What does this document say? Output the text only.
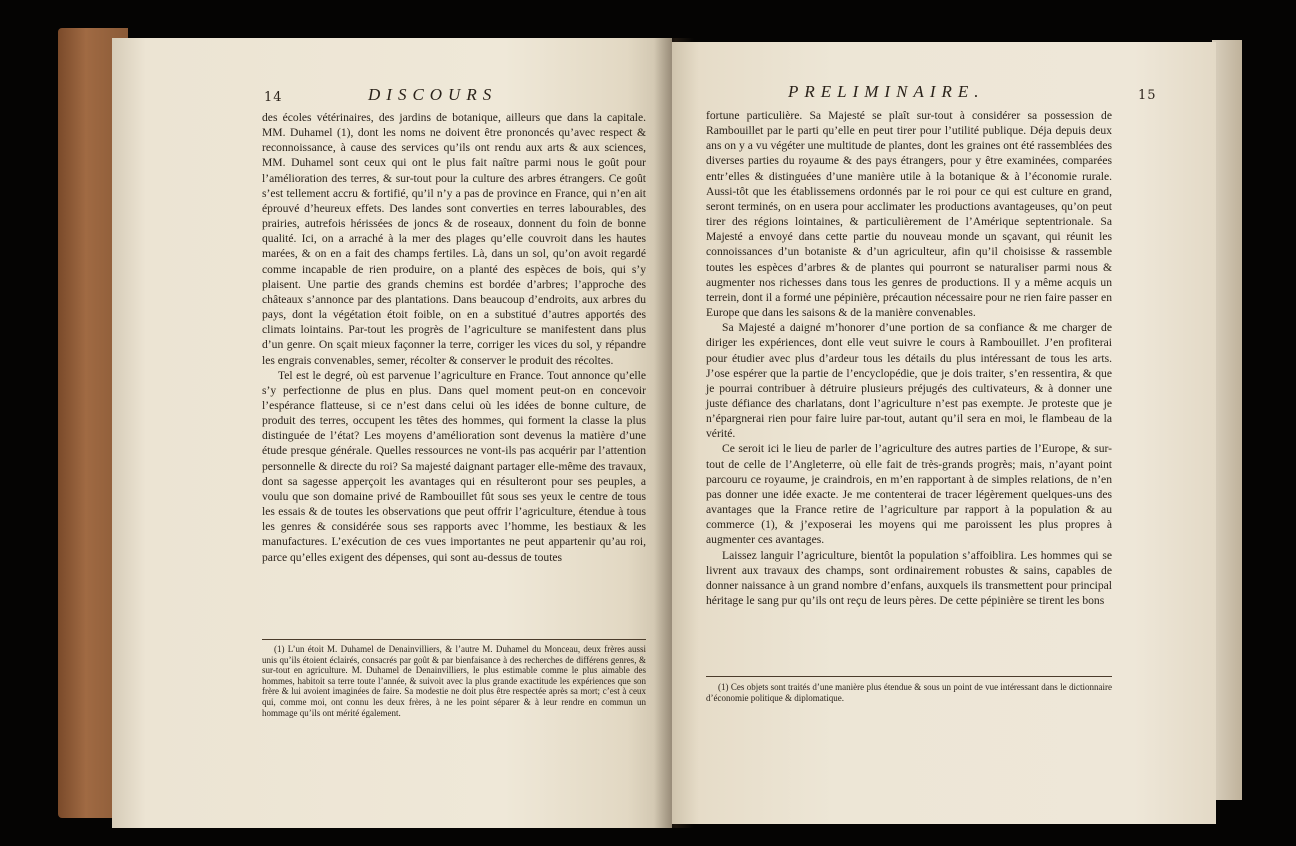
14	DISCOURS

des écoles vétérinaires, des jardins de botanique, ailleurs que dans la capitale. MM. Duhamel (1), dont les noms ne doivent être prononcés qu’avec respect & reconnoissance, à cause des services qu’ils ont rendu aux arts & aux sciences, MM. Duhamel sont ceux qui ont le plus fait naître parmi nous le goût pour l’amélioration des terres, & sur-tout pour la culture des arbres étrangers. Ce goût s’est tellement accru & fortifié, qu’il n’y a pas de province en France, qui n’en ait éprouvé d’heureux effets. Des landes sont converties en terres labourables, des prairies, autrefois hérissées de joncs & de roseaux, donnent du foin de bonne qualité. Ici, on a arraché à la mer des plages qu’elle couvroit dans les hautes marées, & on en a fait des champs fertiles. Là, dans un sol, qu’on avoit regardé comme incapable de rien produire, on a planté des espèces de bois, qui s’y plaisent. Une partie des grands chemins est bordée d’arbres; l’approche des châteaux s’annonce par des plantations. Dans beaucoup d’endroits, aux arbres du pays, dont la végétation étoit foible, on en a substitué d’autres apportés des climats lointains. Par-tout les progrès de l’agriculture se manifestent dans plus d’un genre. On sçait mieux façonner la terre, corriger les vices du sol, y répandre les engrais convenables, semer, récolter & conserver le produit des récoltes.

Tel est le degré, où est parvenue l’agriculture en France. Tout annonce qu’elle s’y perfectionne de plus en plus. Dans quel moment peut-on en concevoir l’espérance flatteuse, si ce n’est dans celui où les idées de bonne culture, de produit des terres, occupent les têtes des hommes, qui forment la classe la plus distinguée de l’état? Les moyens d’amélioration sont devenus la matière d’une étude presque générale. Quelles ressources ne vont-ils pas acquérir par l’attention personnelle & directe du roi? Sa majesté daignant partager elle-même des travaux, dont sa sagesse apperçoit les avantages qui en résulteront pour ses peuples, a voulu que son domaine privé de Rambouillet fût sous ses yeux le centre de tous les essais & de toutes les observations que peut offrir l’agriculture, étendue à tous les genres & considérée sous ses rapports avec l’homme, les bestiaux & les manufactures. L’exécution de ces vues importantes ne peut appartenir qu’au roi, parce qu’elles exigent des dépenses, qui sont au-dessus de toutes

(1) L’un étoit M. Duhamel de Denainvilliers, & l’autre M. Duhamel du Monceau, deux frères aussi unis qu’ils étoient éclairés, consacrés par goût & par bienfaisance à des recherches de différens genres, & sur-tout en agriculture. M. Duhamel de Denainvilliers, le plus estimable comme le plus aimable des hommes, habitoit sa terre toute l’année, & suivoit avec la plus grande exactitude les expériences que son frère & lui avoient imaginées de faire. Sa modestie ne doit plus être respectée après sa mort; c’est à ceux qui, comme moi, ont connu les deux frères, à ne les point séparer & à leur rendre en commun un hommage qu’ils ont mérité également.

PRELIMINAIRE.	15

fortune particulière. Sa Majesté se plaît sur-tout à considérer sa possession de Rambouillet par le parti qu’elle en peut tirer pour l’utilité publique. Déja depuis deux ans on y a vu végéter une multitude de plantes, dont les graines ont été rassemblées des diverses parties du royaume & des pays étrangers, pour y être examinées, comparées entr’elles & distinguées d’une manière utile à la botanique & à l’économie rurale. Aussi-tôt que les établissemens ordonnés par le roi pour ce qui est culture en grand, seront terminés, on en usera pour acclimater les productions avantageuses, qu’on peut tirer des régions lointaines, & particulièrement de l’Amérique septentrionale. Sa Majesté a envoyé dans cette partie du nouveau monde un sçavant, qui réunit les connoissances d’un botaniste & d’un agriculteur, afin qu’il choisisse & rassemble toutes les espèces d’arbres & de plantes qui pourront se naturaliser parmi nous & augmenter nos richesses dans tous les genres de productions. Il y a même acquis un terrein, dont il a formé une pépinière, précaution nécessaire pour ne rien faire passer en Europe que dans les saisons & de la manière convenables.

Sa Majesté a daigné m’honorer d’une portion de sa confiance & me charger de diriger les expériences, dont elle veut suivre le cours à Rambouillet. J’en profiterai pour étudier avec plus d’ardeur tous les détails du plus intéressant de tous les arts. J’ose espérer que la partie de l’encyclopédie, que je dois traiter, s’en ressentira, & que je pourrai contribuer à détruire plusieurs préjugés des cultivateurs, & à donner une juste défiance des charlatans, dont l’agriculture n’est pas exempte. Je proteste que je n’épargnerai rien pour faire luire par-tout, autant qu’il sera en moi, le flambeau de la vérité.

Ce seroit ici le lieu de parler de l’agriculture des autres parties de l’Europe, & sur-tout de celle de l’Angleterre, où elle fait de très-grands progrès; mais, n’ayant point parcouru ce royaume, je craindrois, en m’en rapportant à de simples relations, de n’en pas donner une idée exacte. Je me contenterai de tracer légèrement quelques-uns des avantages que la France retire de l’agriculture par rapport à la population & au commerce (1), & j’exposerai les moyens qui me paroissent les plus propres à augmenter ces avantages.

Laissez languir l’agriculture, bientôt la population s’affoiblira. Les hommes qui se livrent aux travaux des champs, sont ordinairement robustes & sains, capables de donner naissance à un grand nombre d’enfans, auxquels ils transmettent pour principal héritage le sang pur qu’ils ont reçu de leurs pères. De cette pépinière se tirent les bons

(1) Ces objets sont traités d’une manière plus étendue & sous un point de vue intéressant dans le dictionnaire d’économie politique & diplomatique.
